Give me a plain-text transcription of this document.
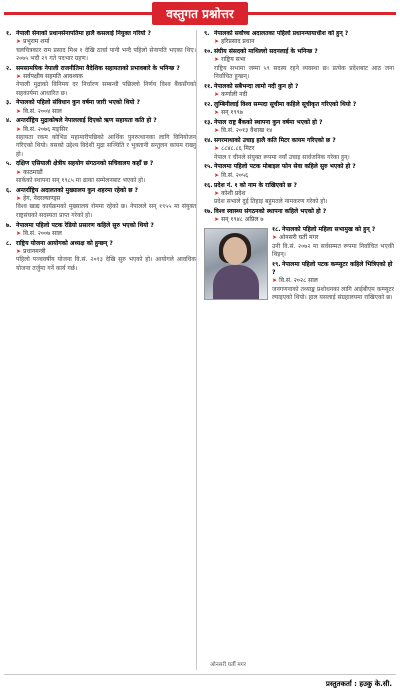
वस्तुगत प्रश्नोत्तर
१. नेपाली सेनाको प्रधानसेनापतिमा हालै कसलाई नियुक्त गरियो ?
➤ प्रभुराम शर्मा
चलचित्रकार राम प्रसाद मिश्र १ देखि ठार्चा पानी भन्दै पहिलो सेनापति भएका थिए। २०७५ भदौ २९ गते पदभार ग्रहण।
२. समसामयिक नेपाली राजनीतिमा वैदेशिक सहायताको प्रभावबारे के भनिन्छ ?
➤ सर्वपक्षीय सहमति आवश्यक
नेपाली मुद्राको विनिमय दर निर्धारण सम्बन्धी पछिल्लो निर्णय विश्व बैंकसँगको सहकार्यमा आधारित छ।
३. नेपालको पहिलो संविधान कुन वर्षमा जारी भएको थियो ?
➤ वि.सं. २००४ साल
४. अन्तर्राष्ट्रिय मुद्राकोषले नेपाललाई दिएको ऋण सहायता कति हो ?
➤ वि.सं. २०७६ मङ्सिर
सहायता रकम कोभिड महामारीपछिको आर्थिक पुनरुत्थानका लागि विनियोजन गरिएको थियो। यसको उद्देश्य विदेशी मुद्रा सञ्चिति र भुक्तानी सन्तुलन कायम राख्नु हो।
५. दक्षिण एसियाली क्षेत्रीय सहयोग संगठनको सचिवालय कहाँ छ ?
➤ काठमाडौं
सार्कको स्थापना सन् १९८५ मा ढाका सम्मेलनबाट भएको हो।
६. अन्तर्राष्ट्रिय अदालतको मुख्यालय कुन शहरमा रहेको छ ?
➤ हेग, नेदरल्याण्ड्स
विश्व खाद्य कार्यक्रमको मुख्यालय रोममा रहेको छ। नेपालले सन् १९५५ मा संयुक्त राष्ट्रसंघको सदस्यता प्राप्त गरेको हो।
७. नेपालमा पहिलो पटक रेडियो प्रसारण कहिले सुरु भएको थियो ?
➤ वि.सं. २००७ साल
८. राष्ट्रिय योजना आयोगको अध्यक्ष को हुन्छन् ?
➤ प्रधानमन्त्री
पहिलो पञ्चवर्षीय योजना वि.सं. २०१३ देखि सुरु भएको हो। आयोगले आवधिक योजना तर्जुमा गर्ने कार्य गर्छ।
९. नेपालको सर्वोच्च अदालतका पहिलो प्रधानन्यायाधीश को हुन् ?
➤ हरिप्रसाद प्रधान
१०.संघीय संसदको माथिल्लो सदनलाई के भनिन्छ ?
➤ राष्ट्रिय सभा
राष्ट्रिय सभामा जम्मा ५९ सदस्य रहने व्यवस्था छ। प्रत्येक प्रदेशबाट आठ जना निर्वाचित हुन्छन्।
११.नेपालको सबैभन्दा लामो नदी कुन हो ?
➤ कर्णाली नदी
१२.लुम्बिनीलाई विश्व सम्पदा सूचीमा कहिले सूचीकृत गरिएको थियो ?
➤ सन् १९९७
१३.नेपाल राष्ट्र बैंकको स्थापना कुन वर्षमा भएको हो ?
➤ वि.सं. २०१३ वैशाख १४
१४.सगरमाथाको उचाइ हालै कति मिटर कायम गरिएको छ ?
➤ ८८४८.८६ मिटर
नेपाल र चीनले संयुक्त रूपमा नयाँ उचाइ सार्वजनिक गरेका हुन्।
१५.नेपालमा पहिलो पटक मोबाइल फोन सेवा कहिले सुरु भएको हो ?
➤ वि.सं. २०५६
१६.प्रदेश नं. १ को नाम के राखिएको छ ?
➤ कोशी प्रदेश
प्रदेश सभाले दुई तिहाइ बहुमतले नामकरण गरेको हो।
१७.विश्व स्वास्थ्य संगठनको स्थापना कहिले भएको हो ?
➤ सन् १९४८ अप्रिल ७
१८.नेपालको पहिलो महिला सभामुख को हुन् ?
➤ ओनसरी घर्ती मगर
उनी वि.सं. २०७२ मा सर्वसम्मत रूपमा निर्वाचित भएकी थिइन्।
१९.नेपालमा पहिलो पटक कम्प्युटर कहिले भित्रिएको हो ?
➤ वि.सं. २०२८ साल
जनगणनाको तथ्याङ्क प्रशोधनका लागि आईबीएम कम्प्युटर ल्याइएको थियो। हाल यसलाई संग्रहालयमा राखिएको छ।
प्रस्तुतकर्ता : हउकु के.सी.
ओनसरी घर्ती मगर
